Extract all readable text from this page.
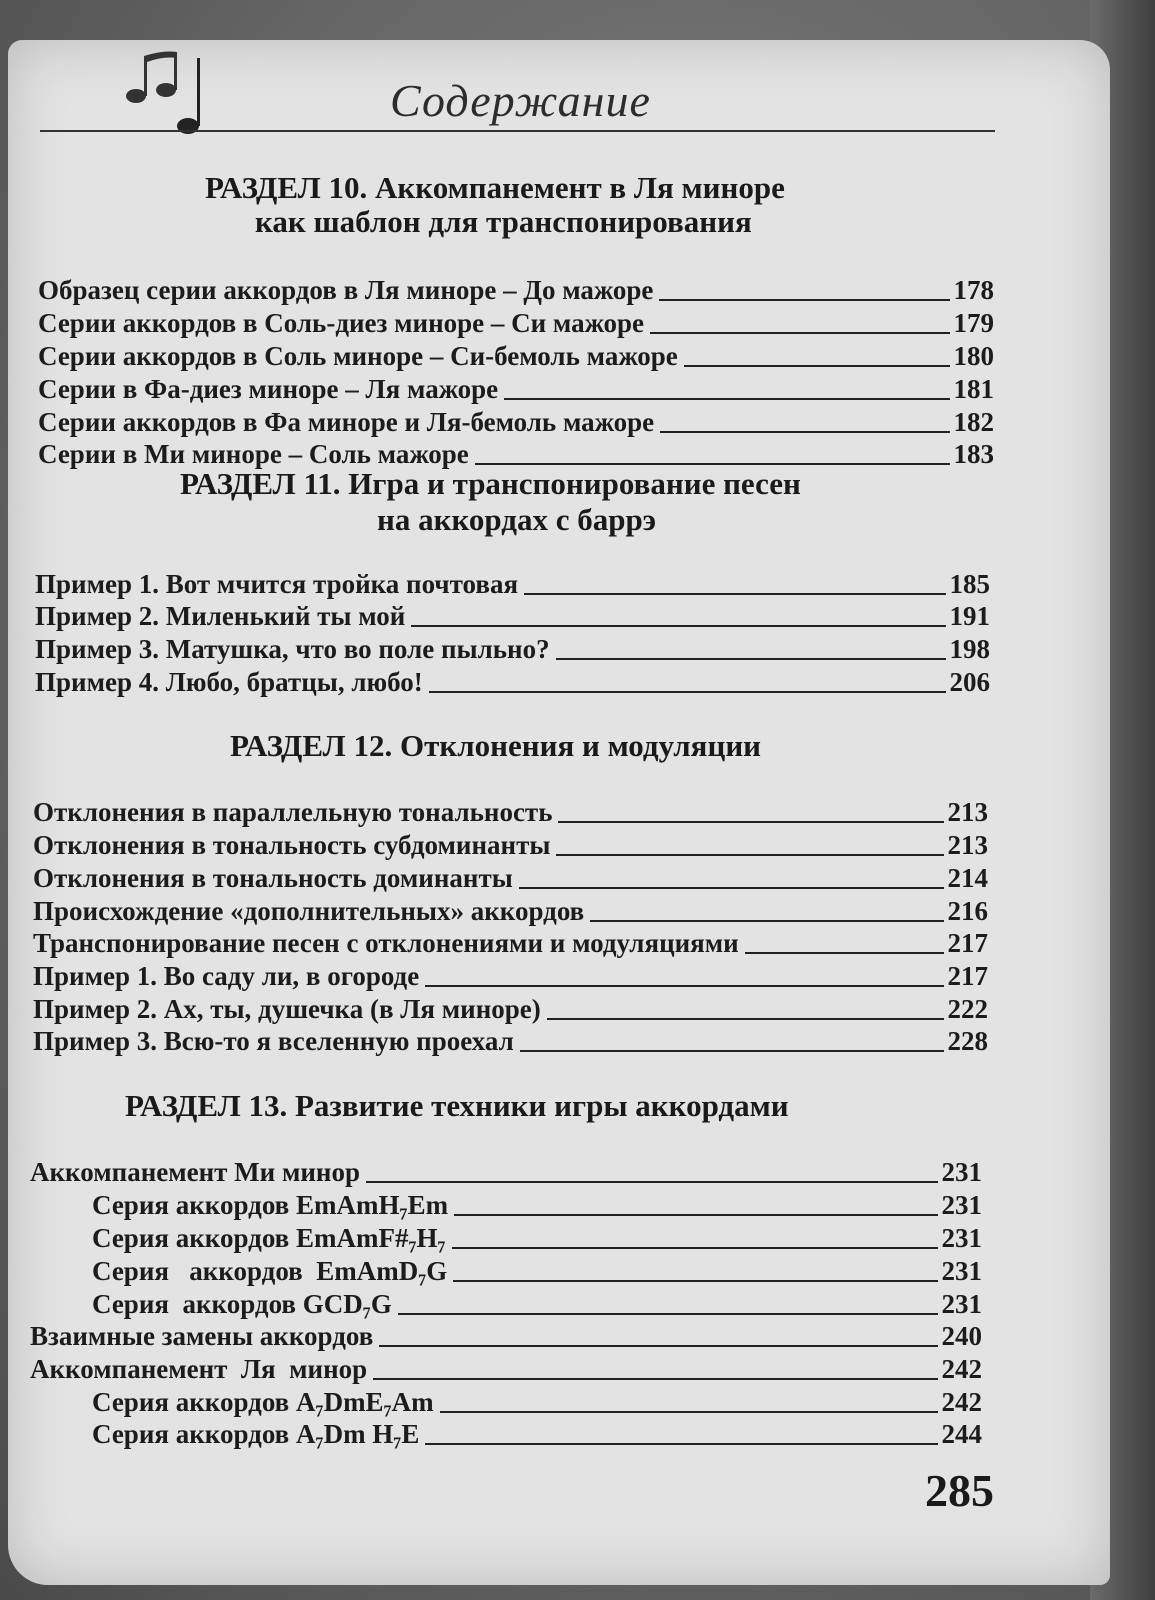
Содержание
РАЗДЕЛ 10. Аккомпанемент в Ля миноре
как шаблон для транспонирования
Образец серии аккордов в Ля миноре – До мажоре	178
Серии аккордов в Соль-диез миноре – Си мажоре	179
Серии аккордов в Соль миноре – Си-бемоль мажоре	180
Серии в Фа-диез миноре – Ля мажоре	181
Серии аккордов в Фа миноре и Ля-бемоль мажоре	182
Серии в Ми миноре – Соль мажоре	183
РАЗДЕЛ 11. Игра и транспонирование песен
на аккордах с баррэ
Пример 1. Вот мчится тройка почтовая	185
Пример 2. Миленький ты мой	191
Пример 3. Матушка, что во поле пыльно?	198
Пример 4. Любо, братцы, любо!	206
РАЗДЕЛ 12. Отклонения и модуляции
Отклонения в параллельную тональность	213
Отклонения в тональность субдоминанты	213
Отклонения в тональность доминанты	214
Происхождение «дополнительных» аккордов	216
Транспонирование песен с отклонениями и модуляциями	217
Пример 1. Во саду ли, в огороде	217
Пример 2. Ах, ты, душечка (в Ля миноре)	222
Пример 3. Всю-то я вселенную проехал	228
РАЗДЕЛ 13. Развитие техники игры аккордами
Аккомпанемент Ми минор	231
Серия аккордов EmAmH₇Em	231
Серия аккордов EmAmF#₇H₇	231
Серия   аккордов  EmAmD₇G	231
Серия  аккордов GCD₇G	231
Взаимные замены аккордов	240
Аккомпанемент  Ля  минор	242
Серия аккордов A₇DmE₇Am	242
Серия аккордов A₇Dm H₇E	244
285
